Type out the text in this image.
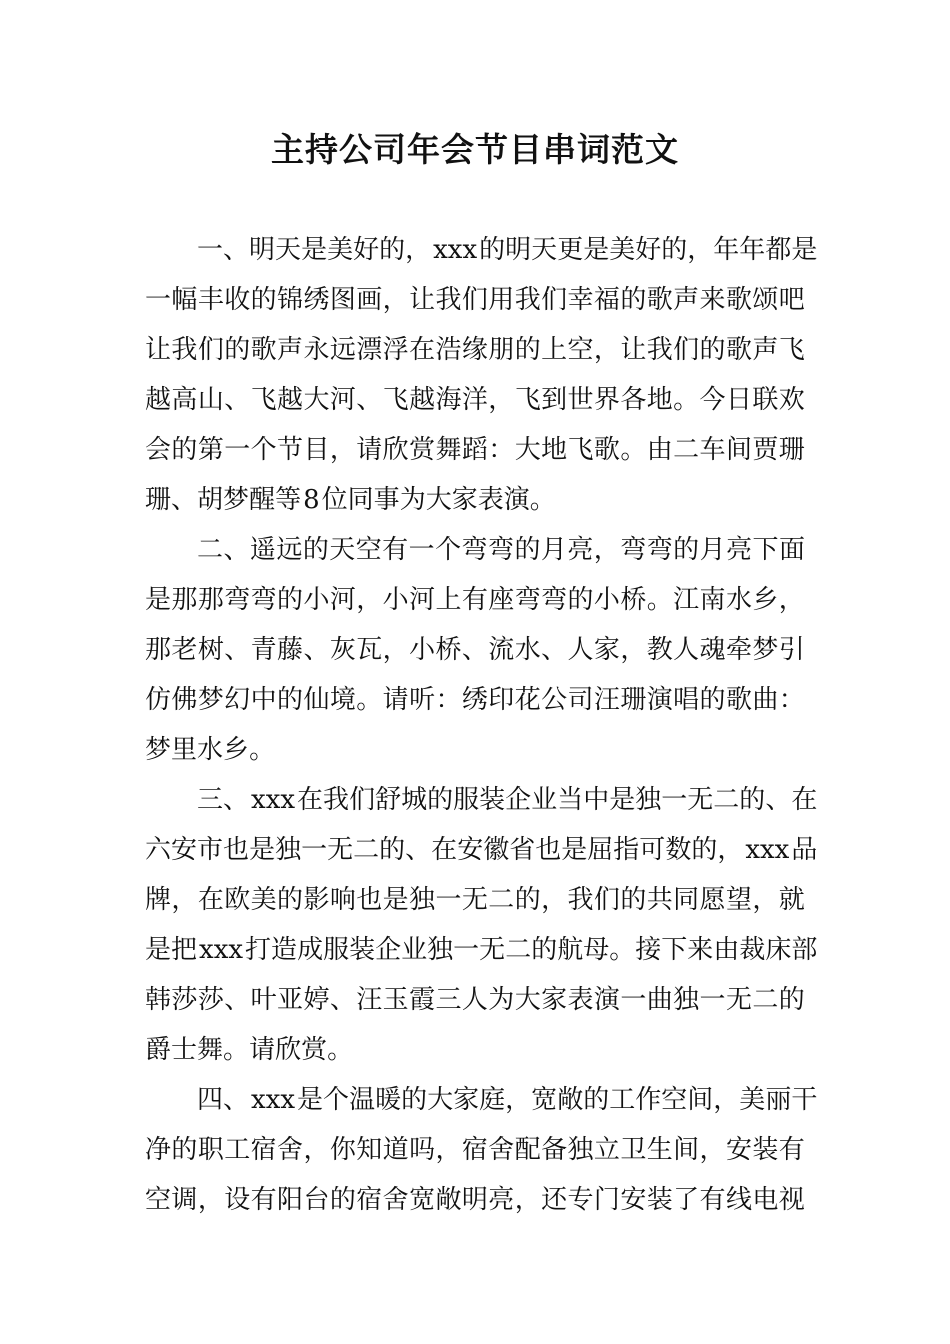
主持公司年会节目串词范文
一 、 明 天 是 美 好 的 ， xxx 的 明 天 更 是 美 好 的 ， 年 年 都 是
一 幅 丰 收 的 锦 绣 图 画 ， 让 我 们 用 我 们 幸 福 的 歌 声 来 歌 颂 吧
让 我 们 的 歌 声 永 远 漂 浮 在 浩 缘 朋 的 上 空 ， 让 我 们 的 歌 声 飞
越 高 山 、 飞 越 大 河 、 飞 越 海 洋 ， 飞 到 世 界 各 地 。 今 日 联 欢
会 的 第 一 个 节 目 ， 请 欣 赏 舞 蹈 ： 大 地 飞 歌 。 由 二 车 间 贾 珊
珊 、 胡 梦 醒 等 8 位 同 事 为 大 家 表 演 。
二 、 遥 远 的 天 空 有 一 个 弯 弯 的 月 亮 ， 弯 弯 的 月 亮 下 面
是 那 那 弯 弯 的 小 河 ， 小 河 上 有 座 弯 弯 的 小 桥 。 江 南 水 乡 ，
那 老 树 、 青 藤 、 灰 瓦 ， 小 桥 、 流 水 、 人 家 ， 教 人 魂 牵 梦 引
仿 佛 梦 幻 中 的 仙 境 。 请 听 ： 绣 印 花 公 司 汪 珊 演 唱 的 歌 曲 ：
梦 里 水 乡 。
三 、 xxx 在 我 们 舒 城 的 服 装 企 业 当 中 是 独 一 无 二 的 、 在
六 安 市 也 是 独 一 无 二 的 、 在 安 徽 省 也 是 屈 指 可 数 的 ， xxx 品
牌 ， 在 欧 美 的 影 响 也 是 独 一 无 二 的 ， 我 们 的 共 同 愿 望 ， 就
是 把 xxx 打 造 成 服 装 企 业 独 一 无 二 的 航 母 。 接 下 来 由 裁 床 部
韩 莎 莎 、 叶 亚 婷 、 汪 玉 霞 三 人 为 大 家 表 演 一 曲 独 一 无 二 的
爵 士 舞 。 请 欣 赏 。
四 、 xxx 是 个 温 暖 的 大 家 庭 ， 宽 敞 的 工 作 空 间 ， 美 丽 干
净 的 职 工 宿 舍 ， 你 知 道 吗 ， 宿 舍 配 备 独 立 卫 生 间 ， 安 装 有
空 调 ， 设 有 阳 台 的 宿 舍 宽 敞 明 亮 ， 还 专 门 安 装 了 有 线 电 视
